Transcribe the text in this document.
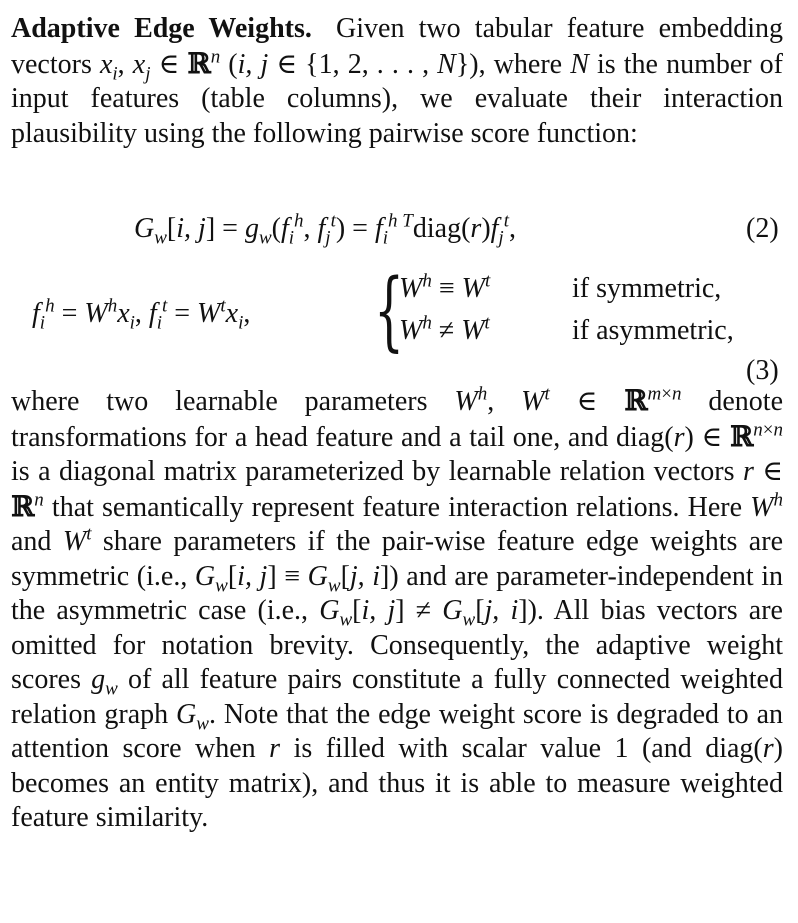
Adaptive Edge Weights. Given two tabular feature embedding vectors $x_i$, $x_j$ ∈ ℝ$^n$ (i, j ∈ {1, 2, . . . , N}), where N is the number of input features (table columns), we evaluate their interaction plausibility using the following pairwise score function:
$G_w[i$, $j] = g_w(f_i^h$, $f_j^t$) = $f_i^{h T}diag(r)f_j^t$,	(2)
$f_i^h = W^hx_i$, $f_i^t = W^tx_i$, {
$W^h \equiv W^t$	if symmetric,
$W^h \ne W^t$	if asymmetric,
(3)
where two learnable parameters $W^h$, $W^t$ ∈ ℝ$^{m\times n}$ denote transformations for a head feature and a tail one, and diag(r) ∈ ℝ$^{n\times n}$ is a diagonal matrix parameterized by learnable relation vectors r ∈ ℝ$^n$ that semantically represent feature interaction relations. Here $W^h$ and $W^t$ share parameters if the pair-wise feature edge weights are symmetric (i.e., $G_w[i$, $j] \equiv G_w[j$, i]) and are parameter-independent in the asymmetric case (i.e., $G_w[i$, $j] \ne G_w[j$, i]). All bias vectors are omitted for notation brevity. Consequently, the adaptive weight scores $g_w$ of all feature pairs constitute a fully connected weighted relation graph $G_w$. Note that the edge weight score is degraded to an attention score when r is filled with scalar value 1 (and diag(r) becomes an entity matrix), and thus it is able to measure weighted feature similarity.
